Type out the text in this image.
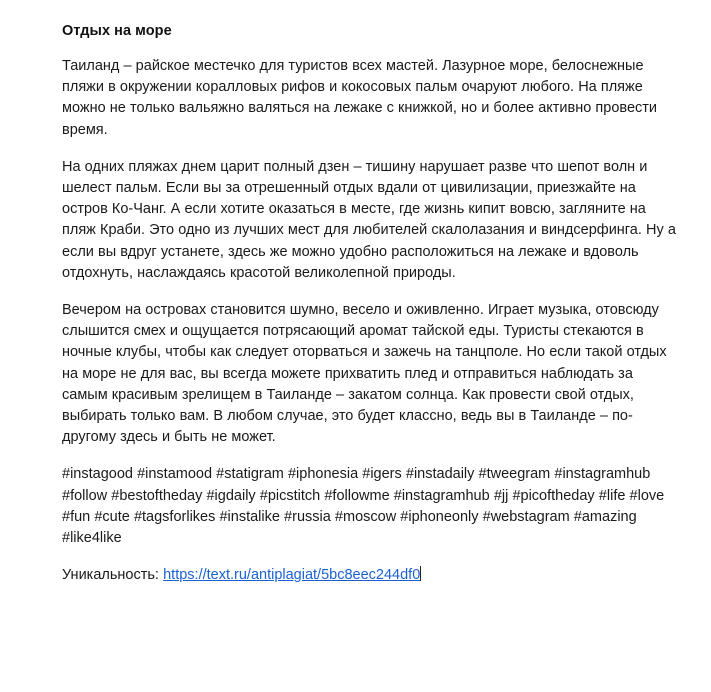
Отдых на море

Таиланд – райское местечко для туристов всех мастей. Лазурное море, белоснежные пляжи в окружении коралловых рифов и кокосовых пальм очаруют любого. На пляже можно не только вальяжно валяться на лежаке с книжкой, но и более активно провести время.

На одних пляжах днем царит полный дзен – тишину нарушает разве что шепот волн и шелест пальм. Если вы за отрешенный отдых вдали от цивилизации, приезжайте на остров Ко-Чанг. А если хотите оказаться в месте, где жизнь кипит вовсю, загляните на пляж Краби. Это одно из лучших мест для любителей скалолазания и виндсерфинга. Ну а если вы вдруг устанете, здесь же можно удобно расположиться на лежаке и вдоволь отдохнуть, наслаждаясь красотой великолепной природы.

Вечером на островах становится шумно, весело и оживленно. Играет музыка, отовсюду слышится смех и ощущается потрясающий аромат тайской еды. Туристы стекаются в ночные клубы, чтобы как следует оторваться и зажечь на танцполе. Но если такой отдых на море не для вас, вы всегда можете прихватить плед и отправиться наблюдать за самым красивым зрелищем в Таиланде – закатом солнца. Как провести свой отдых, выбирать только вам. В любом случае, это будет классно, ведь вы в Таиланде – по-другому здесь и быть не может.

#instagood #instamood #statigram #iphonesia #igers #instadaily #tweegram #instagramhub #follow #bestoftheday #igdaily #picstitch #followme #instagramhub #jj #picoftheday #life #love #fun #cute #tagsforlikes #instalike #russia #moscow #iphoneonly #webstagram #amazing #like4like

Уникальность: https://text.ru/antiplagiat/5bc8eec244df0
